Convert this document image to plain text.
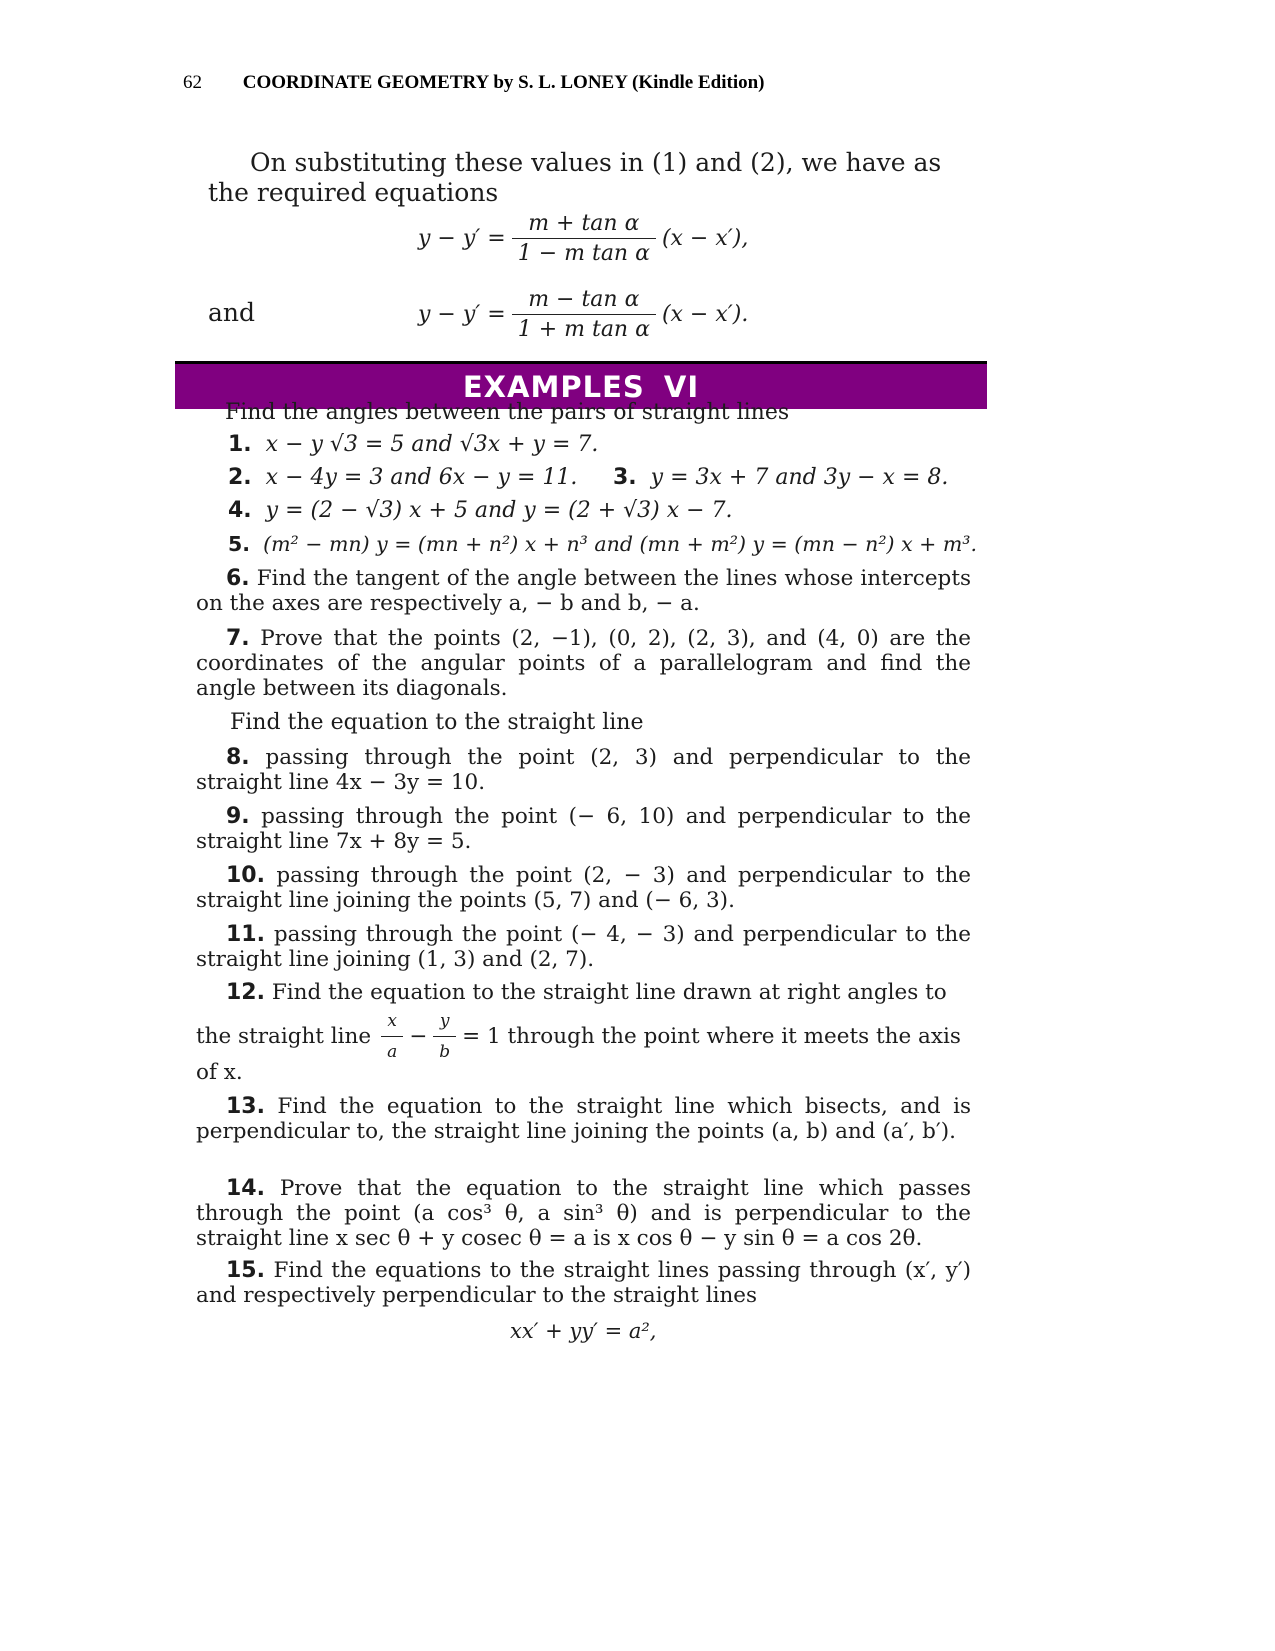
62 COORDINATE GEOMETRY by S. L. LONEY (Kindle Edition)
On substituting these values in (1) and (2), we have as
the required equations
$y - y' = \frac{\text{m + tan α}}{\text{1 − m tan α}} (x - x')$,
and	$y - y' = \frac{\text{m − tan α}}{\text{1 + m tan α}} (x - x')$.
EXAMPLES VI
Find the angles between the pairs of straight lines
1. x − y √3 = 5 and √3x + y = 7.
2. x − 4y = 3 and 6x − y = 11. 3. y = 3x + 7 and 3y − x = 8.
4. y = (2 − √3) x + 5 and y = (2 + √3) x − 7.
5. (m² − mn) y = (mn + n²) x + n³ and (mn + m²) y = (mn − n²) x + m³.
6. Find the tangent of the angle between the lines whose intercepts on the axes are respectively a, − b and b, − a.
7. Prove that the points (2, −1), (0, 2), (2, 3), and (4, 0) are the coordinates of the angular points of a parallelogram and find the angle between its diagonals.
Find the equation to the straight line
8. passing through the point (2, 3) and perpendicular to the straight line 4x − 3y = 10.
9. passing through the point (− 6, 10) and perpendicular to the straight line 7x + 8y = 5.
10. passing through the point (2, − 3) and perpendicular to the straight line joining the points (5, 7) and (− 6, 3).
11. passing through the point (− 4, − 3) and perpendicular to the straight line joining (1, 3) and (2, 7).
12. Find the equation to the straight line drawn at right angles to
the straight line $\frac{x}{a} - \frac{y}{b} = 1$ through the point where it meets the axis
of x.
13. Find the equation to the straight line which bisects, and is perpendicular to, the straight line joining the points (a, b) and (a′, b′).
14. Prove that the equation to the straight line which passes through the point (a cos³ θ, a sin³ θ) and is perpendicular to the straight line x sec θ + y cosec θ = a is x cos θ − y sin θ = a cos 2θ.
15. Find the equations to the straight lines passing through (x′, y′) and respectively perpendicular to the straight lines
xx′ + yy′ = a²,
